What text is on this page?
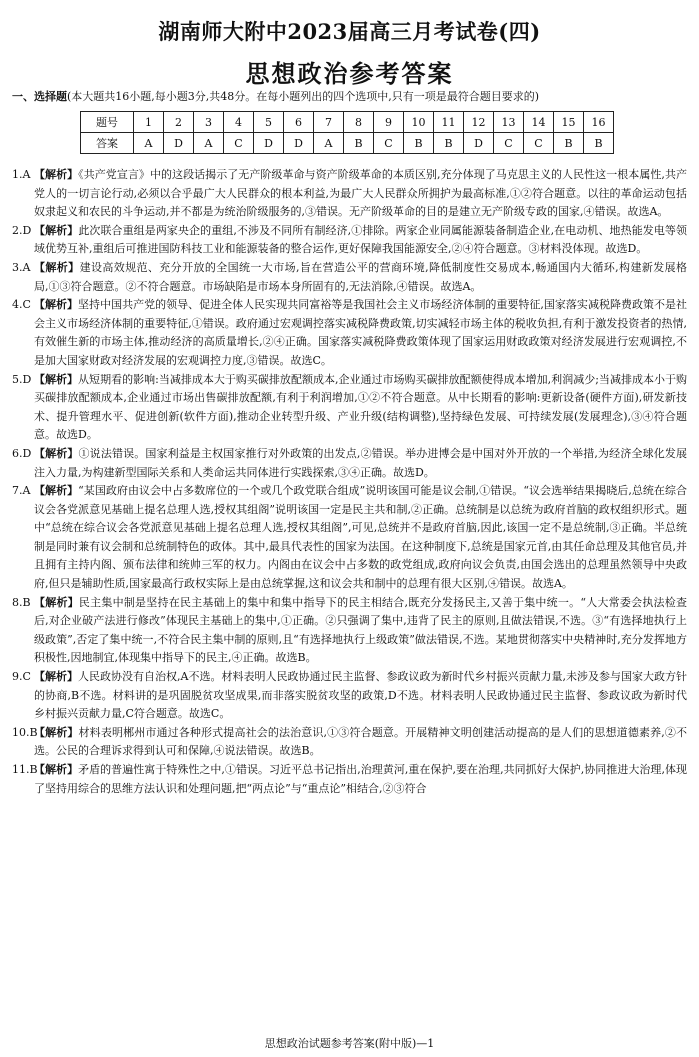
湖南师大附中2023届高三月考试卷(四)
思想政治参考答案
一、选择题(本大题共16小题,每小题3分,共48分。在每小题列出的四个选项中,只有一项是最符合题目要求的)
题号	1	2	3	4	5	6	7	8	9	10	11	12	13	14	15	16
答案	A	D	A	C	D	D	A	B	C	B	B	D	C	C	B	B
1.A 【解析】《共产党宣言》中的这段话揭示了无产阶级革命与资产阶级革命的本质区别,充分体现了马克思主义的人民性这一根本属性,共产党人的一切言论行动,必须以合乎最广大人民群众的根本利益,为最广大人民群众所拥护为最高标准,①②符合题意。以往的革命运动包括奴隶起义和农民的斗争运动,并不都是为统治阶级服务的,③错误。无产阶级革命的目的是建立无产阶级专政的国家,④错误。故选A。
2.D 【解析】此次联合重组是两家央企的重组,不涉及不同所有制经济,①排除。两家企业同属能源装备制造企业,在电动机、地热能发电等领域优势互补,重组后可推进国防科技工业和能源装备的整合运作,更好保障我国能源安全,②④符合题意。③材料没体现。故选D。
3.A 【解析】建设高效规范、充分开放的全国统一大市场,旨在营造公平的营商环境,降低制度性交易成本,畅通国内大循环,构建新发展格局,①③符合题意。②不符合题意。市场缺陷是市场本身所固有的,无法消除,④错误。故选A。
4.C 【解析】坚持中国共产党的领导、促进全体人民实现共同富裕等是我国社会主义市场经济体制的重要特征,国家落实减税降费政策不是社会主义市场经济体制的重要特征,①错误。政府通过宏观调控落实减税降费政策,切实减轻市场主体的税收负担,有利于激发投资者的热情,有效催生新的市场主体,推动经济的高质量增长,②④正确。国家落实减税降费政策体现了国家运用财政政策对经济发展进行宏观调控,不是加大国家财政对经济发展的宏观调控力度,③错误。故选C。
5.D 【解析】从短期看的影响:当减排成本大于购买碳排放配额成本,企业通过市场购买碳排放配额使得成本增加,利润减少;当减排成本小于购买碳排放配额成本,企业通过市场出售碳排放配额,有利于利润增加,①②不符合题意。从中长期看的影响:更新设备(硬件方面),研发新技术、提升管理水平、促进创新(软件方面),推动企业转型升级、产业升级(结构调整),坚持绿色发展、可持续发展(发展理念),③④符合题意。故选D。
6.D 【解析】①说法错误。国家利益是主权国家推行对外政策的出发点,②错误。举办进博会是中国对外开放的一个举措,为经济全球化发展注入力量,为构建新型国际关系和人类命运共同体进行实践探索,③④正确。故选D。
7.A 【解析】“某国政府由议会中占多数席位的一个或几个政党联合组成”说明该国可能是议会制,①错误。“议会选举结果揭晓后,总统在综合议会各党派意见基础上提名总理人选,授权其组阁”说明该国一定是民主共和制,②正确。总统制是以总统为政府首脑的政权组织形式。题中“总统在综合议会各党派意见基础上提名总理人选,授权其组阁”,可见,总统并不是政府首脑,因此,该国一定不是总统制,③正确。半总统制是同时兼有议会制和总统制特色的政体。其中,最具代表性的国家为法国。在这种制度下,总统是国家元首,由其任命总理及其他官员,并且拥有主持内阁、颁布法律和统帅三军的权力。内阁由在议会中占多数的政党组成,政府向议会负责,由国会选出的总理虽然领导中央政府,但只是辅助性质,国家最高行政权实际上是由总统掌握,这和议会共和制中的总理有很大区别,④错误。故选A。
8.B 【解析】民主集中制是坚持在民主基础上的集中和集中指导下的民主相结合,既充分发扬民主,又善于集中统一。“人大常委会执法检查后,对企业破产法进行修改”体现民主基础上的集中,①正确。②只强调了集中,违背了民主的原则,且做法错误,不选。③“有选择地执行上级政策”,否定了集中统一,不符合民主集中制的原则,且“有选择地执行上级政策”做法错误,不选。某地贯彻落实中央精神时,充分发挥地方积极性,因地制宜,体现集中指导下的民主,④正确。故选B。
9.C 【解析】人民政协没有自治权,A不选。材料表明人民政协通过民主监督、参政议政为新时代乡村振兴贡献力量,未涉及参与国家大政方针的协商,B不选。材料讲的是巩固脱贫攻坚成果,而非落实脱贫攻坚的政策,D不选。材料表明人民政协通过民主监督、参政议政为新时代乡村振兴贡献力量,C符合题意。故选C。
10.B
【解析】材料表明郴州市通过各种形式提高社会的法治意识,①③符合题意。开展精神文明创建活动提高的是人们的思想道德素养,②不选。公民的合理诉求得到认可和保障,④说法错误。故选B。
11.B
【解析】矛盾的普遍性寓于特殊性之中,①错误。习近平总书记指出,治理黄河,重在保护,要在治理,共同抓好大保护,协同推进大治理,体现了坚持用综合的思维方法认识和处理问题,把“两点论”与“重点论”相结合,②③符合
思想政治试题参考答案(附中版)—1
